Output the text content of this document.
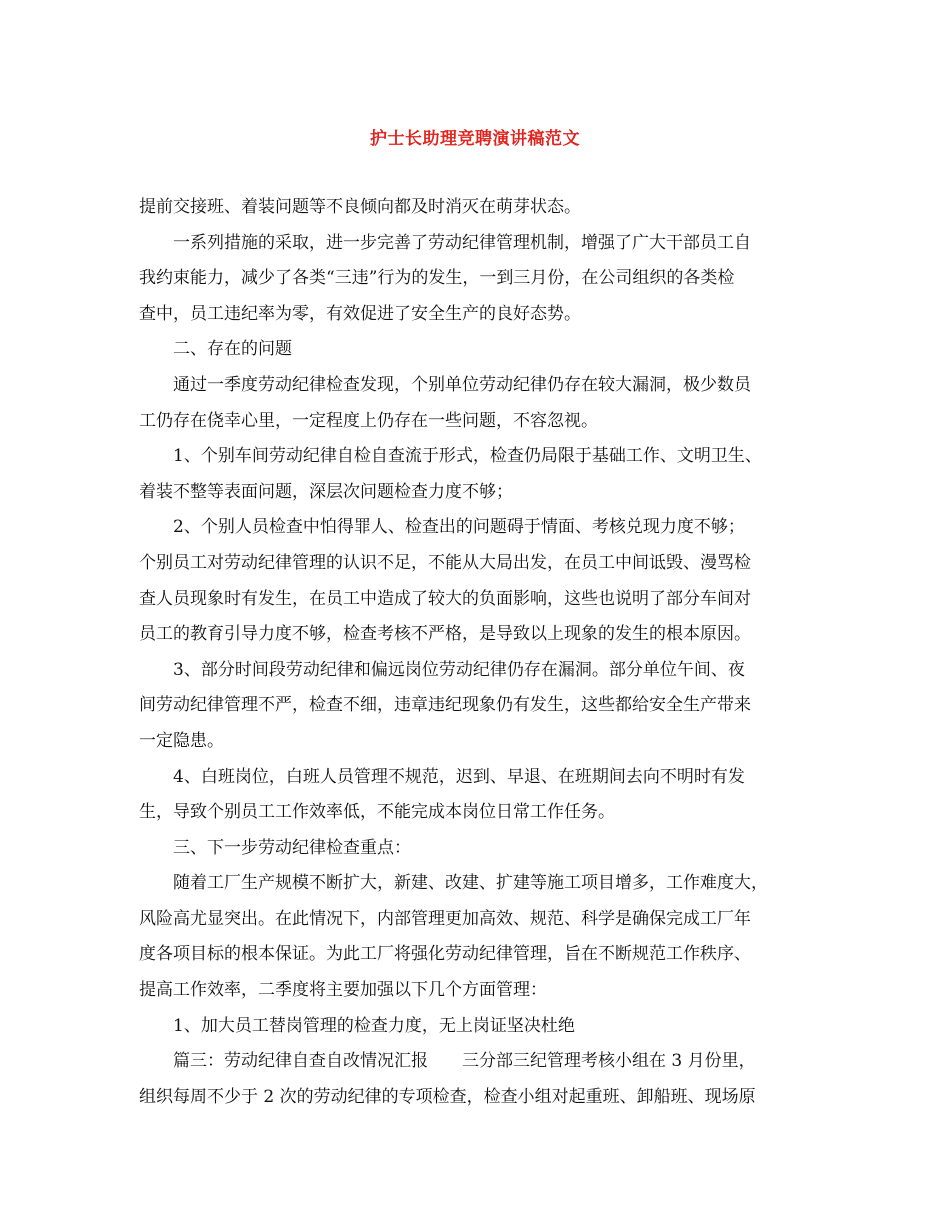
护士长助理竞聘演讲稿范文
提前交接班、着装问题等不良倾向都及时消灭在萌芽状态。
一系列措施的采取，进一步完善了劳动纪律管理机制，增强了广大干部员工自
我约束能力，减少了各类“三违”行为的发生，一到三月份，在公司组织的各类检
查中，员工违纪率为零，有效促进了安全生产的良好态势。
二、存在的问题
通过一季度劳动纪律检查发现，个别单位劳动纪律仍存在较大漏洞，极少数员
工仍存在侥幸心里，一定程度上仍存在一些问题，不容忽视。
1、个别车间劳动纪律自检自查流于形式，检查仍局限于基础工作、文明卫生、
着装不整等表面问题，深层次问题检查力度不够；
2、个别人员检查中怕得罪人、检查出的问题碍于情面、考核兑现力度不够；
个别员工对劳动纪律管理的认识不足，不能从大局出发，在员工中间诋毁、漫骂检
查人员现象时有发生，在员工中造成了较大的负面影响，这些也说明了部分车间对
员工的教育引导力度不够，检查考核不严格，是导致以上现象的发生的根本原因。
3、部分时间段劳动纪律和偏远岗位劳动纪律仍存在漏洞。部分单位午间、夜
间劳动纪律管理不严，检查不细，违章违纪现象仍有发生，这些都给安全生产带来
一定隐患。
4、白班岗位，白班人员管理不规范，迟到、早退、在班期间去向不明时有发
生，导致个别员工工作效率低，不能完成本岗位日常工作任务。
三、下一步劳动纪律检查重点：
随着工厂生产规模不断扩大，新建、改建、扩建等施工项目增多，工作难度大，
风险高尤显突出。在此情况下，内部管理更加高效、规范、科学是确保完成工厂年
度各项目标的根本保证。为此工厂将强化劳动纪律管理，旨在不断规范工作秩序、
提高工作效率，二季度将主要加强以下几个方面管理：
1、加大员工替岗管理的检查力度，无上岗证坚决杜绝
篇三：劳动纪律自查自改情况汇报　　三分部三纪管理考核小组在 3 月份里，
组织每周不少于 2 次的劳动纪律的专项检查，检查小组对起重班、卸船班、现场原
